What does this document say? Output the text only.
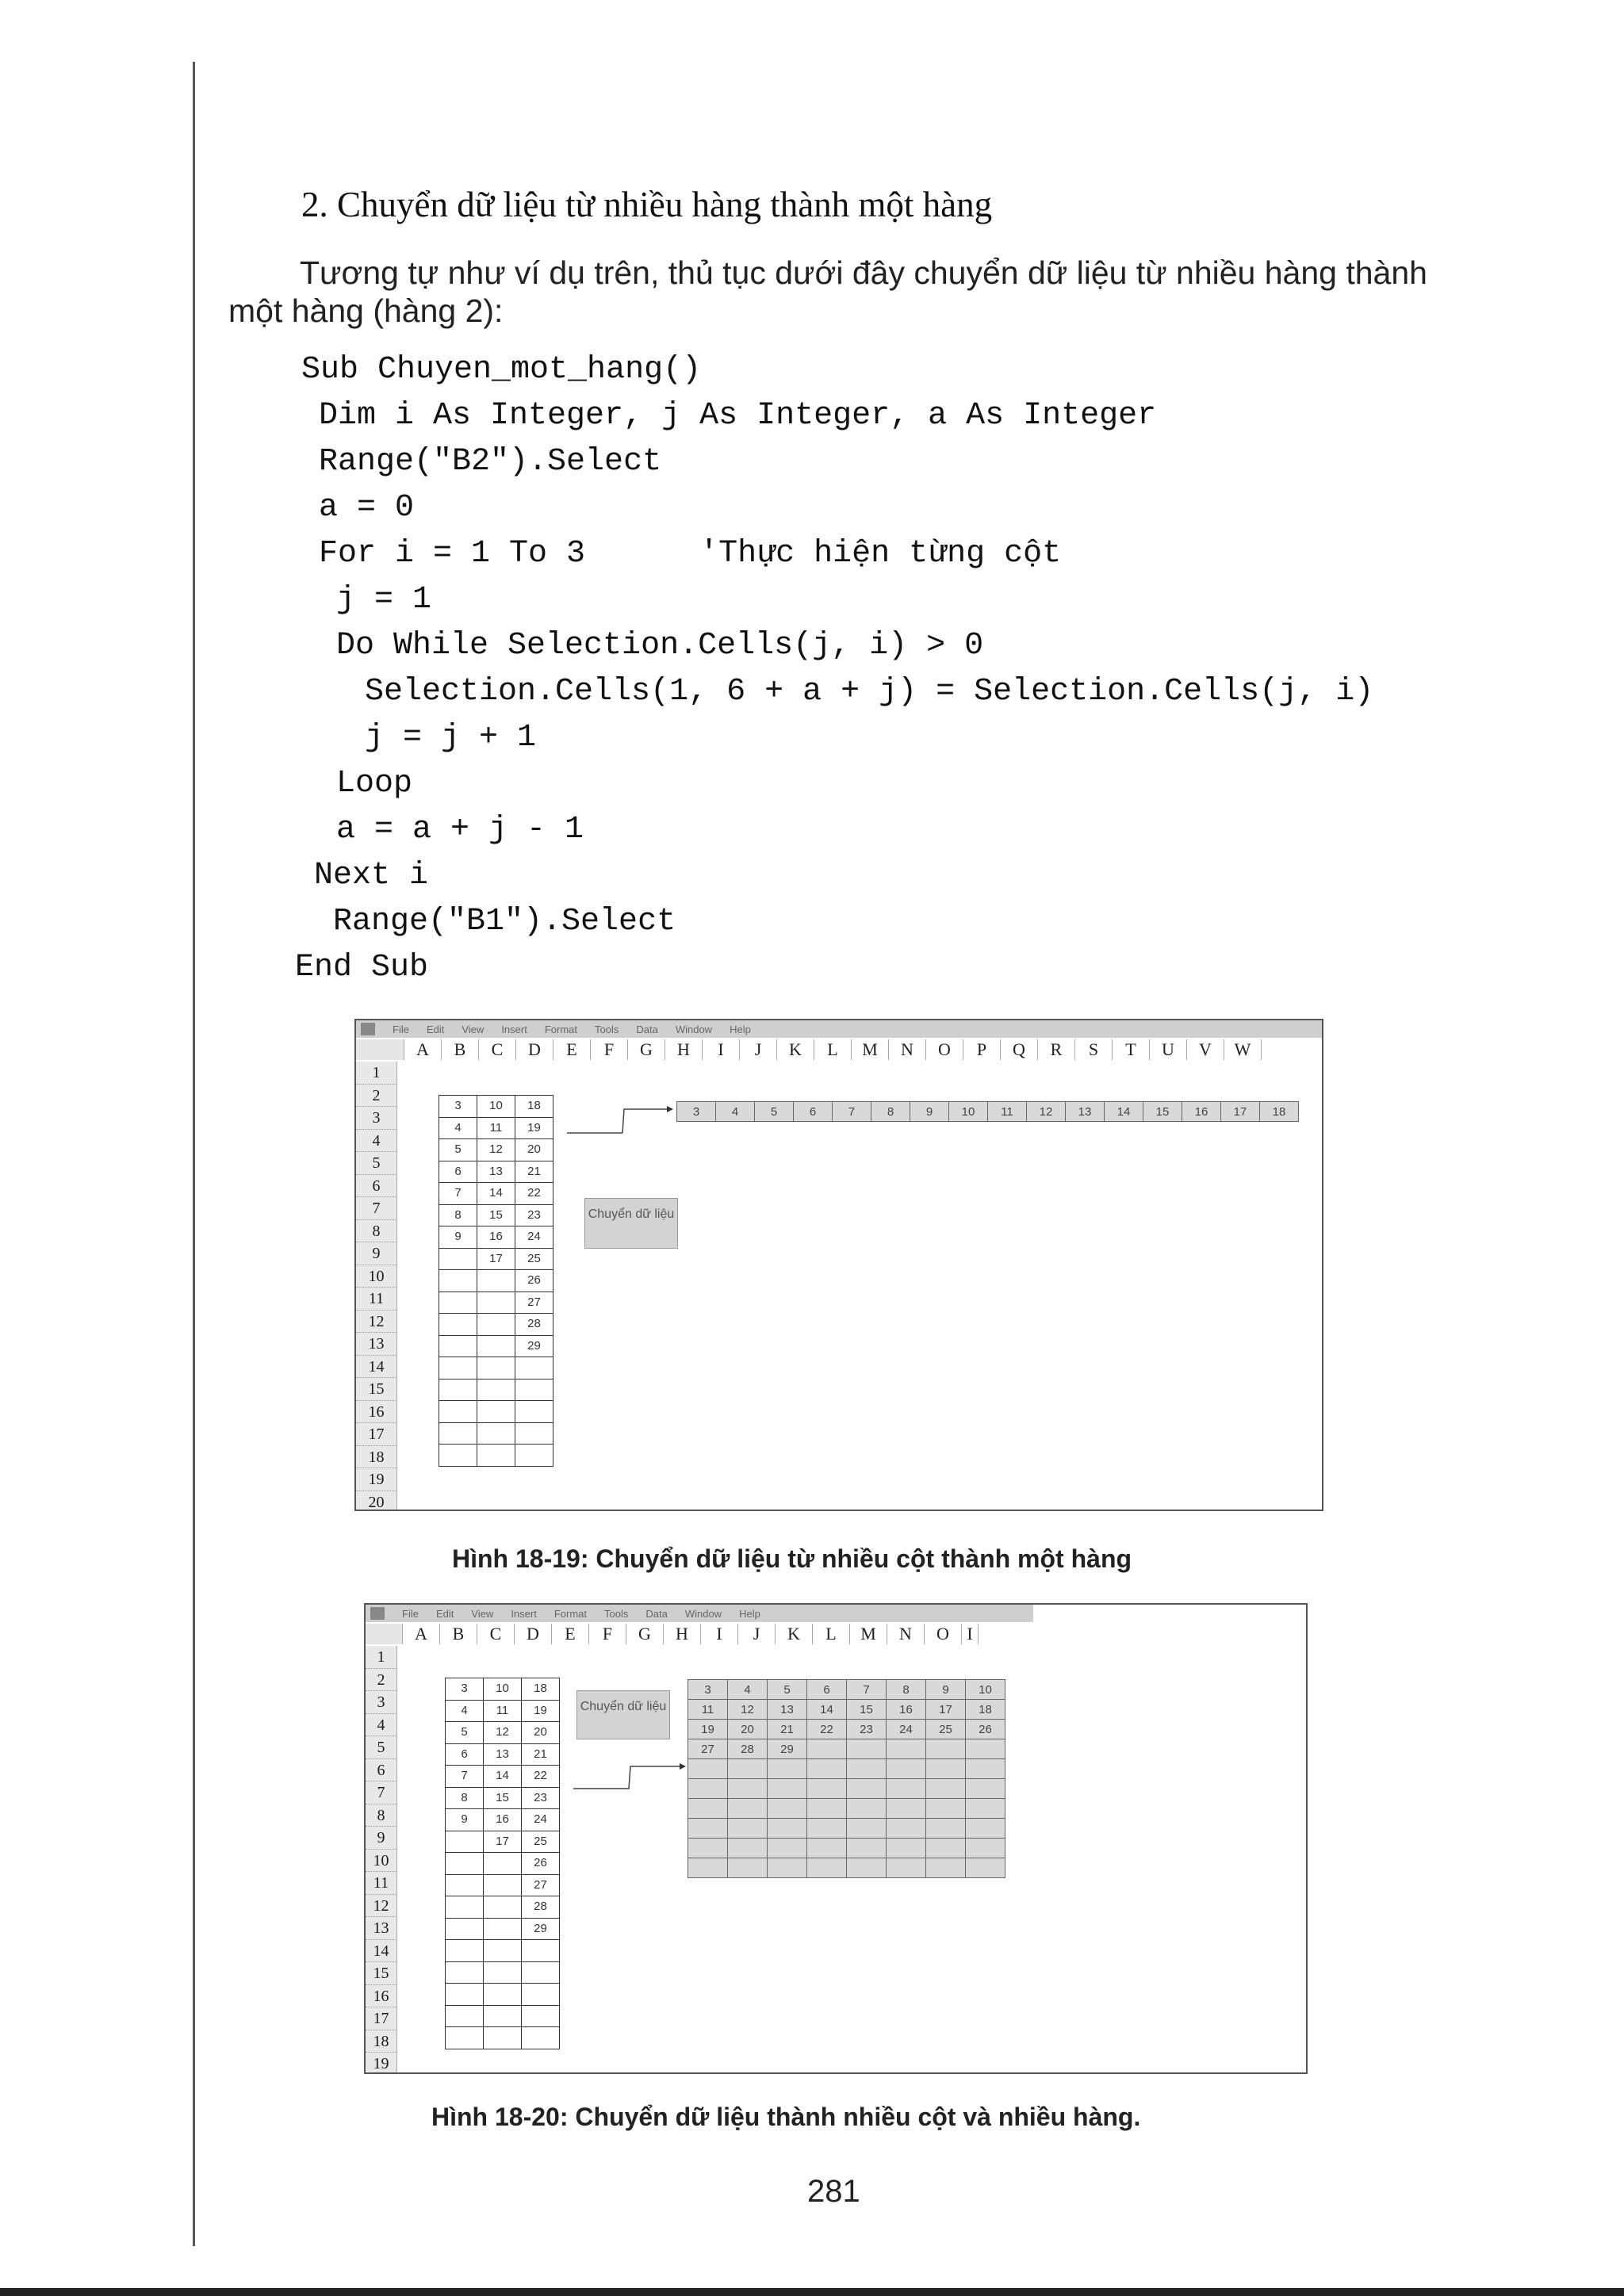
2. Chuyển dữ liệu từ nhiều hàng thành một hàng
Tương tự như ví dụ trên, thủ tục dưới đây chuyển dữ liệu từ nhiều hàng thành một hàng (hàng 2):
Sub Chuyen_mot_hang()
Dim i As Integer, j As Integer, a As Integer
Range("B2").Select
a = 0
For i = 1 To 3      'Thực hiện từng cột
j = 1
Do While Selection.Cells(j, i) > 0
Selection.Cells(1, 6 + a + j) = Selection.Cells(j, i)
j = j + 1
Loop
a = a + j - 1
Next i
Range("B1").Select
End Sub
File Edit View Insert Format Tools Data Window Help
A	B	C	D	E	F	G	H	I	J	K	L	M	N	O	P	Q	R	S	T	U	V	W
1
2
3
4
5
6
7
8
9
10
11
12
13
14
15
16
17
18
19
20
3	10	18
4	11	19
5	12	20
6	13	21
7	14	22
8	15	23
9	16	24
	17	25
		26
		27
		28
		29

Chuyển dữ liệu
3	4	5	6	7	8	9	10	11	12	13	14	15	16	17	18
Hình 18-19: Chuyển dữ liệu từ nhiều cột thành một hàng
File Edit View Insert Format Tools Data Window Help
A	B	C	D	E	F	G	H	I	J	K	L	M	N	O	I
1
2
3
4
5
6
7
8
9
10
11
12
13
14
15
16
17
18
19
3	10	18
4	11	19
5	12	20
6	13	21
7	14	22
8	15	23
9	16	24
	17	25
		26
		27
		28
		29

Chuyển dữ liệu
3	4	5	6	7	8	9	10
11	12	13	14	15	16	17	18
19	20	21	22	23	24	25	26
27	28	29					

Hình 18-20: Chuyển dữ liệu thành nhiều cột và nhiều hàng.
281
